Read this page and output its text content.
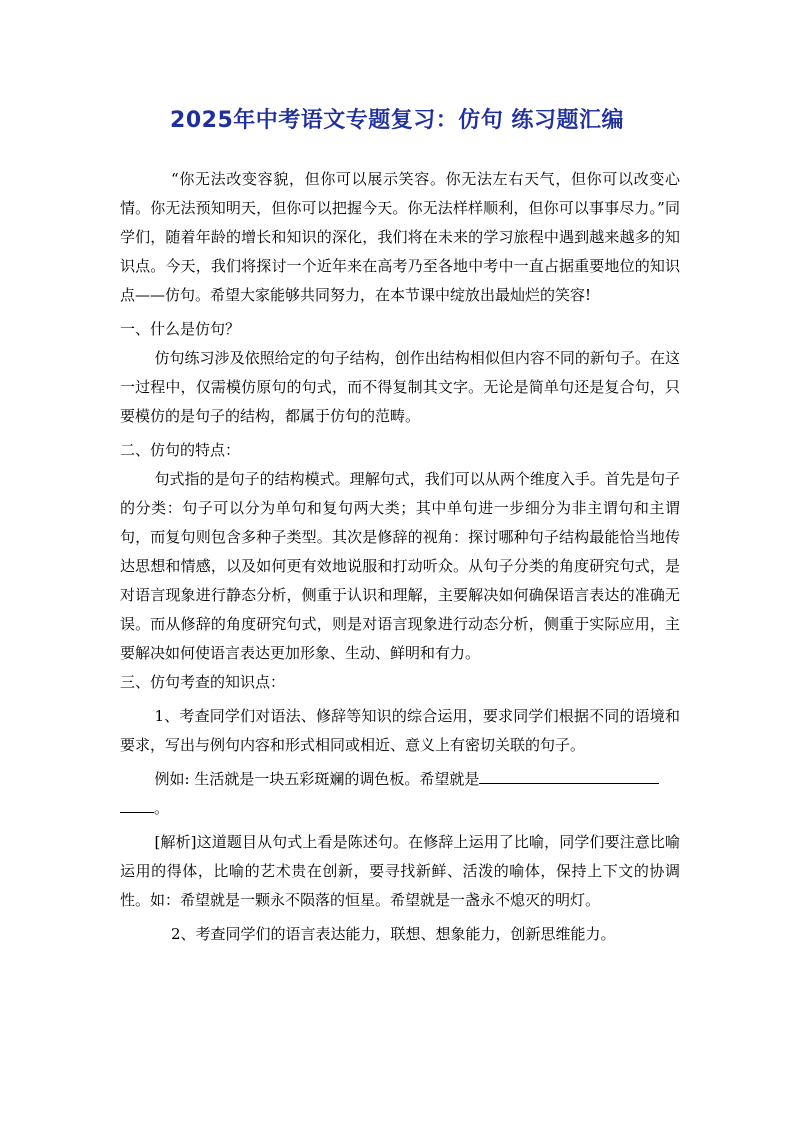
2025年中考语文专题复习：仿句 练习题汇编

“你无法改变容貌，但你可以展示笑容。你无法左右天气，但你可以改变心情。你无法预知明天，但你可以把握今天。你无法样样顺利，但你可以事事尽力。”同学们，随着年龄的增长和知识的深化，我们将在未来的学习旅程中遇到越来越多的知识点。今天，我们将探讨一个近年来在高考乃至各地中考中一直占据重要地位的知识点——仿句。希望大家能够共同努力，在本节课中绽放出最灿烂的笑容!

一、什么是仿句？

仿句练习涉及依照给定的句子结构，创作出结构相似但内容不同的新句子。在这一过程中，仅需模仿原句的句式，而不得复制其文字。无论是简单句还是复合句，只要模仿的是句子的结构，都属于仿句的范畴。

二、仿句的特点：

句式指的是句子的结构模式。理解句式，我们可以从两个维度入手。首先是句子的分类：句子可以分为单句和复句两大类；其中单句进一步细分为非主谓句和主谓句，而复句则包含多种子类型。其次是修辞的视角：探讨哪种句子结构最能恰当地传达思想和情感，以及如何更有效地说服和打动听众。从句子分类的角度研究句式，是对语言现象进行静态分析，侧重于认识和理解，主要解决如何确保语言表达的准确无误。而从修辞的角度研究句式，则是对语言现象进行动态分析，侧重于实际应用，主要解决如何使语言表达更加形象、生动、鲜明和有力。

三、仿句考查的知识点：

1、考查同学们对语法、修辞等知识的综合运用，要求同学们根据不同的语境和要求，写出与例句内容和形式相同或相近、意义上有密切关联的句子。

例如: 生活就是一块五彩斑斓的调色板。希望就是

。

[解析]这道题目从句式上看是陈述句。在修辞上运用了比喻，同学们要注意比喻运用的得体，比喻的艺术贵在创新，要寻找新鲜、活泼的喻体，保持上下文的协调性。如：希望就是一颗永不陨落的恒星。希望就是一盏永不熄灭的明灯。

2、考查同学们的语言表达能力，联想、想象能力，创新思维能力。
